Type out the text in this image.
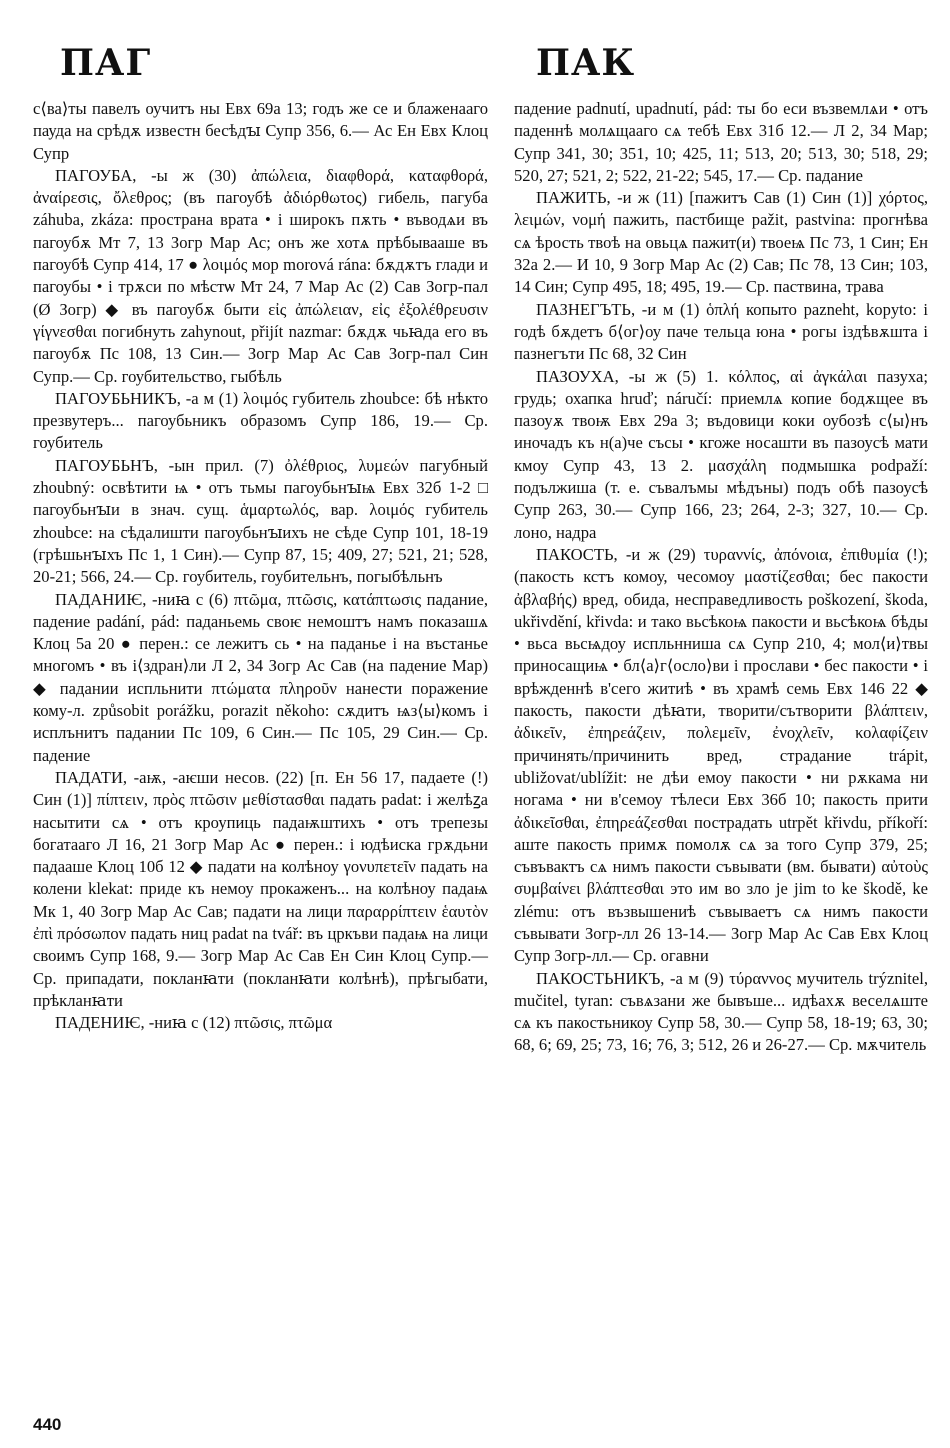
ПАГ	ПАК

с⟨ва⟩ты павелъ оучитъ ны Евх 69а 13; годъ же се и блаженааго пауда на срѣдѫ известн бесѣдꙑ Супр 356, 6.— Ас Ен Евх Клоц Супр

ПАГОУБА, -ы ж (30) ἀπώλεια, διαφθορά, καταφθορά, ἀναίρεσις, ὄλεθρος; (въ пагоубѣ ἀδιόρθωτος) гибель, пагуба záhuba, zkáza: пространа врата • і широкъ пѫть • въводѧи въ пагоубѫ Мт 7, 13 Зогр Мар Ас; онъ же хотѧ прѣбывааше въ пагоубѣ Супр 414, 17 ● λοιμός мор morová rána: бѫдѫтъ глади и пагоубы • і трѫси по мѣстѡ Мт 24, 7 Мар Ас (2) Сав Зогр-пал (Ø Зогр) ◆ въ пагоубѫ быти εἰς ἀπώλειαν, εἰς ἐξολέθρευσιν γίγνεσθαι погибнуть zahynout, přijít nazmar: бѫдѫ чьꙗда его въ пагоубѫ Пс 108, 13 Син.— Зогр Мар Ас Сав Зогр-пал Син Супр.— Ср. гоубительство, гыбѣль

ПАГОУБЬНИКЪ, -а м (1) λοιμός губитель zhoubce: бѣ нѣкто презвутеръ... пагоубьникъ образомъ Супр 186, 19.— Ср. гоубитель

ПАГОУБЬНЪ, -ын прил. (7) ὀλέθριος, λυμεών пагубный zhoubný: освѣтити ѩ • отъ тьмы пагоубьнꙑѩ Евх 32б 1-2 □ пагоубьнꙑи в знач. сущ. ἁμαρτωλός, вар. λοιμός губитель zhoubce: на сѣдалишти пагоубьнꙑихъ не сѣде Супр 101, 18-19 (грѣшьнꙑхъ Пс 1, 1 Син).— Супр 87, 15; 409, 27; 521, 21; 528, 20-21; 566, 24.— Ср. гоубитель, гоубительнъ, погыбѣльнъ

ПАДАНИѤ, -ниꙗ с (6) πτῶμα, πτῶσις, κατάπτωσις падание, падение padání, pád: паданьемь своѥ немоштъ намъ показашѧ Клоц 5а 20 ● перен.: се лежитъ сь • на паданье і на въстанье многомъ • въ і⟨здран⟩ли Л 2, 34 Зогр Ас Сав (на падение Мар) ◆ падании испльнити πτώματα πληροῦν нанести поражение кому-л. způsobit porážku, porazit někoho: сѫдитъ ѩз⟨ы⟩комъ і исплънитъ падании Пс 109, 6 Син.— Пс 105, 29 Син.— Ср. падение

ПАДАТИ, -аѭ, -аѥши несов. (22) [п. Ен 56 17, падаете (!) Син (1)] πίπτειν, πρὸς πτῶσιν μεθίστασθαι падать padat: і желѣꙁа насытити сѧ • отъ кроупиць падаѭштихъ • отъ трепезы богатааго Л 16, 21 Зогр Мар Ас ● перен.: і юдѣиска грѫдьни падааше Клоц 10б 12 ◆ падати на колѣноу γονυπετεῖν падать на колени klekat: приде къ немоу прокаженъ... на колѣноу падаѩ Мк 1, 40 Зогр Мар Ас Сав; падати на лици παραρρίπτειν ἑαυτὸν ἐπὶ πρόσωπον падать ниц padat na tvář: въ цркъви падаѩ на лици своимъ Супр 168, 9.— Зогр Мар Ас Сав Ен Син Клоц Супр.— Ср. припадати, покланꙗти (покланꙗти колѣнѣ), прѣгыбати, прѣкланꙗти

ПАДЕНИѤ, -ниꙗ с (12) πτῶσις, πτῶμα

падение padnutí, upadnutí, pád: ты бо еси възвемлѧи • отъ паденнѣ молѧщааго сѧ тебѣ Евх 31б 12.— Л 2, 34 Мар; Супр 341, 30; 351, 10; 425, 11; 513, 20; 513, 30; 518, 29; 520, 27; 521, 2; 522, 21-22; 545, 17.— Ср. падание

ПАЖИТЬ, -и ж (11) [пажитъ Сав (1) Син (1)] χόρτος, λειμών, νομή пажить, пастбище pažit, pastvina: прогнѣва сѧ ѣрость твоѣ на овьцѧ пажит(и) твоеѩ Пс 73, 1 Син; Ен 32а 2.— И 10, 9 Зогр Мар Ас (2) Сав; Пс 78, 13 Син; 103, 14 Син; Супр 495, 18; 495, 19.— Ср. паствина, трава

ПАЗНЕГЪТЬ, -и м (1) ὁπλή копыто pazneht, kopyto: і годѣ бѫдетъ б⟨ог⟩оу паче тельца юна • рогы іздѣвѫшта і пазнегъти Пс 68, 32 Син

ПАЗОУХА, -ы ж (5) 1. κόλπος, αἱ ἀγκάλαι пазуха; грудь; охапка hruď; náručí: приемлѧ копие бодѫщее въ пазоуѫ твоѭ Евх 29а 3; въдовици коки оубозѣ с⟨ы⟩нъ иночадъ къ н(а)че съсы • кгоже носашти въ пазоусѣ мати кмоу Супр 43, 13 2. μασχάλη подмышка podpaží: подължиша (т. е. съвалъмы мѣдъны) подъ обѣ пазоусѣ Супр 263, 30.— Супр 166, 23; 264, 2-3; 327, 10.— Ср. лоно, надра

ПАКОСТЬ, -и ж (29) τυραννίς, ἀπόνοια, ἐπιθυμία (!); (пакость кстъ комоу, чесомоу μαστίζεσθαι; бес пакости ἀβλαβής) вред, обида, несправедливость poškození, škoda, ukřivdění, křivda: и тако вьсѣкоѩ пакости и вьсѣкоѩ бѣды • вьса вьсѩдоу испльнниша сѧ Супр 210, 4; мол⟨и⟩твы приносащиѩ • бл⟨а⟩г⟨осло⟩ви і прослави • бес пакости • і врѣжденнѣ в'сего житиѣ • въ храмѣ семь Евх 146 22 ◆ пакость, пакости дѣꙗти, творити/сътворити βλάπτειν, ἀδικεῖν, ἐπηρεάζειν, πολεμεῖν, ἐνοχλεῖν, κολαφίζειν причинять/причинить вред, страдание trápit, ubližovat/ublížit: не дѣи емоу пакости • ни рѫкама ни ногама • ни в'семоу тѣлеси Евх 36б 10; пакость прити ἀδικεῖσθαι, ἐπηρεάζεσθαι пострадать utrpět křivdu, příkoří: аште пакость примѫ помолѫ сѧ за того Супр 379, 25; съвъвактъ сѧ нимъ пакости съвывати (вм. бывати) αὐτοὺς συμβαίνει βλάπτεσθαι это им во зло je jim to ke škodě, ke zlému: отъ възвышениѣ съвываетъ сѧ нимъ пакости съвывати Зогр-лл 26 13-14.— Зогр Мар Ас Сав Евх Клоц Супр Зогр-лл.— Ср. огавни

ПАКОСТЬНИКЪ, -а м (9) τύραννος мучитель trýznitel, mučitel, tyran: съвѧзани же бывъше... идѣахѫ веселѧште сѧ къ пакостьникоу Супр 58, 30.— Супр 58, 18-19; 63, 30; 68, 6; 69, 25; 73, 16; 76, 3; 512, 26 и 26-27.— Ср. мѫчитель

440
